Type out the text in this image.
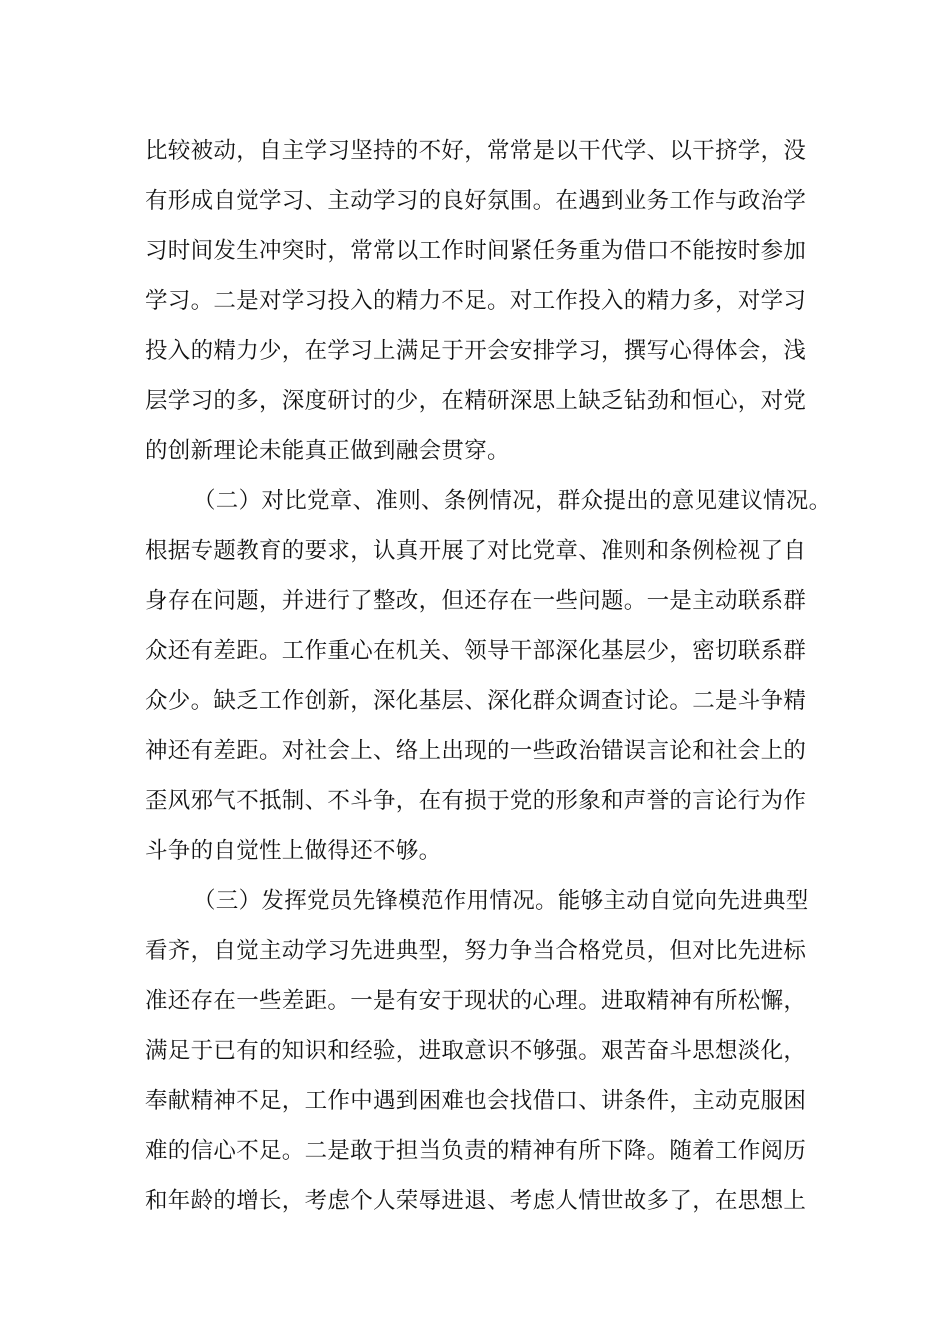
比较被动，自主学习坚持的不好，常常是以干代学、以干挤学，没
有形成自觉学习、主动学习的良好氛围。在遇到业务工作与政治学
习时间发生冲突时，常常以工作时间紧任务重为借口不能按时参加
学习。二是对学习投入的精力不足。对工作投入的精力多，对学习
投入的精力少，在学习上满足于开会安排学习，撰写心得体会，浅
层学习的多，深度研讨的少，在精研深思上缺乏钻劲和恒心，对党
的创新理论未能真正做到融会贯穿。
（二）对比党章、准则、条例情况，群众提出的意见建议情况。
根据专题教育的要求，认真开展了对比党章、准则和条例检视了自
身存在问题，并进行了整改，但还存在一些问题。一是主动联系群
众还有差距。工作重心在机关、领导干部深化基层少，密切联系群
众少。缺乏工作创新，深化基层、深化群众调查讨论。二是斗争精
神还有差距。对社会上、络上出现的一些政治错误言论和社会上的
歪风邪气不抵制、不斗争，在有损于党的形象和声誉的言论行为作
斗争的自觉性上做得还不够。
（三）发挥党员先锋模范作用情况。能够主动自觉向先进典型
看齐，自觉主动学习先进典型，努力争当合格党员，但对比先进标
准还存在一些差距。一是有安于现状的心理。进取精神有所松懈，
满足于已有的知识和经验，进取意识不够强。艰苦奋斗思想淡化，
奉献精神不足，工作中遇到困难也会找借口、讲条件，主动克服困
难的信心不足。二是敢于担当负责的精神有所下降。随着工作阅历
和年龄的增长，考虑个人荣辱进退、考虑人情世故多了，在思想上
